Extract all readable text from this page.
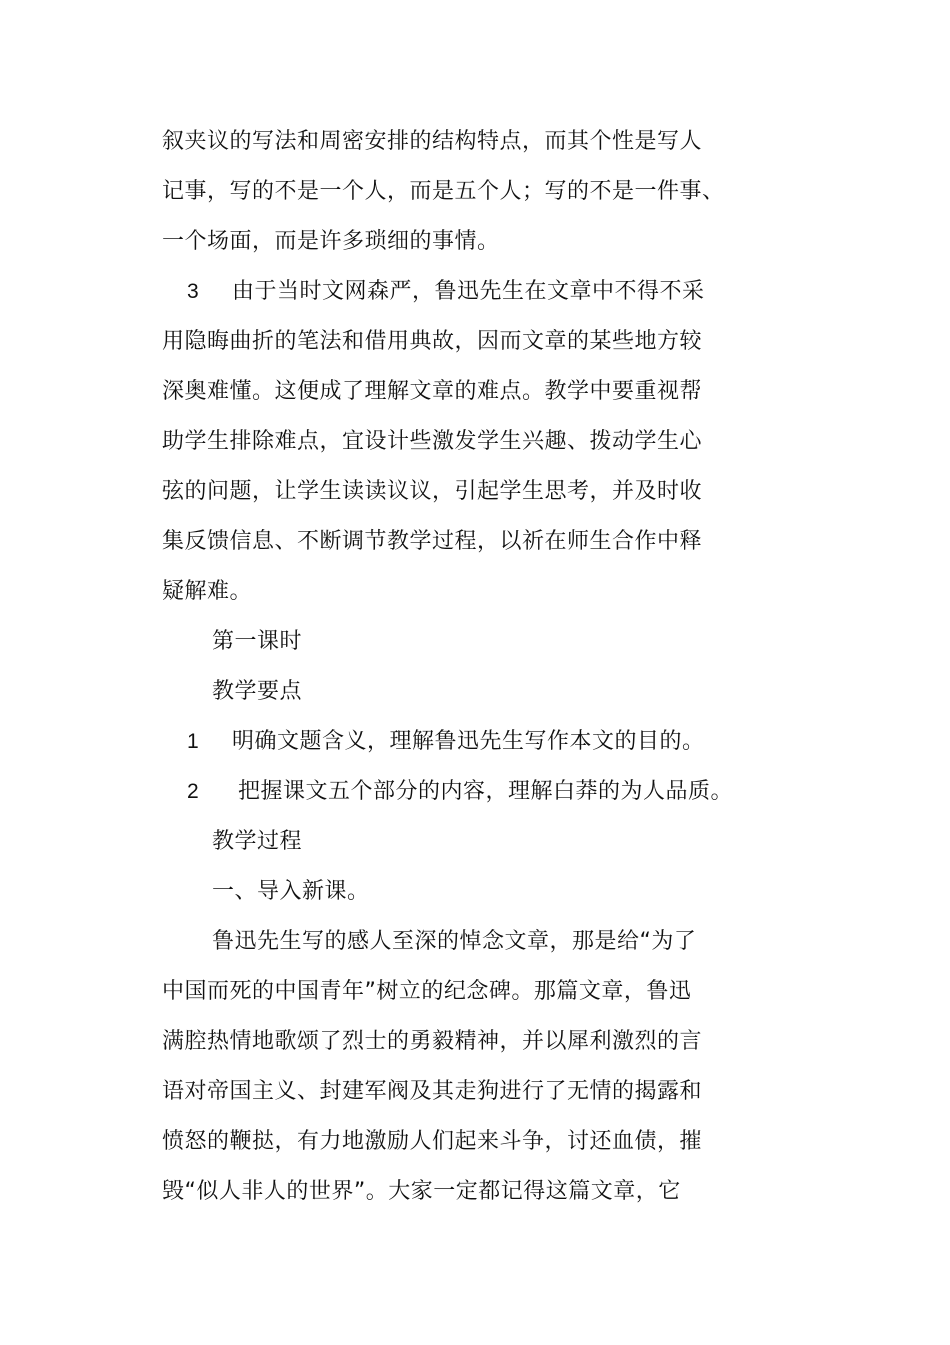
叙夹议的写法和周密安排的结构特点，而其个性是写人
记事，写的不是一个人，而是五个人；写的不是一件事、
一个场面，而是许多琐细的事情。
3 由于当时文网森严，鲁迅先生在文章中不得不采
用隐晦曲折的笔法和借用典故，因而文章的某些地方较
深奥难懂。这便成了理解文章的难点。教学中要重视帮
助学生排除难点，宜设计些激发学生兴趣、拨动学生心
弦的问题，让学生读读议议，引起学生思考，并及时收
集反馈信息、不断调节教学过程，以祈在师生合作中释
疑解难。
第一课时
教学要点
1 明确文题含义，理解鲁迅先生写作本文的目的。
2 把握课文五个部分的内容，理解白莽的为人品质。
教学过程
一、导入新课。
鲁迅先生写的感人至深的悼念文章，那是给“为了
中国而死的中国青年”树立的纪念碑。那篇文章，鲁迅
满腔热情地歌颂了烈士的勇毅精神，并以犀利激烈的言
语对帝国主义、封建军阀及其走狗进行了无情的揭露和
愤怒的鞭挞，有力地激励人们起来斗争，讨还血债，摧
毁“似人非人的世界”。大家一定都记得这篇文章，它
